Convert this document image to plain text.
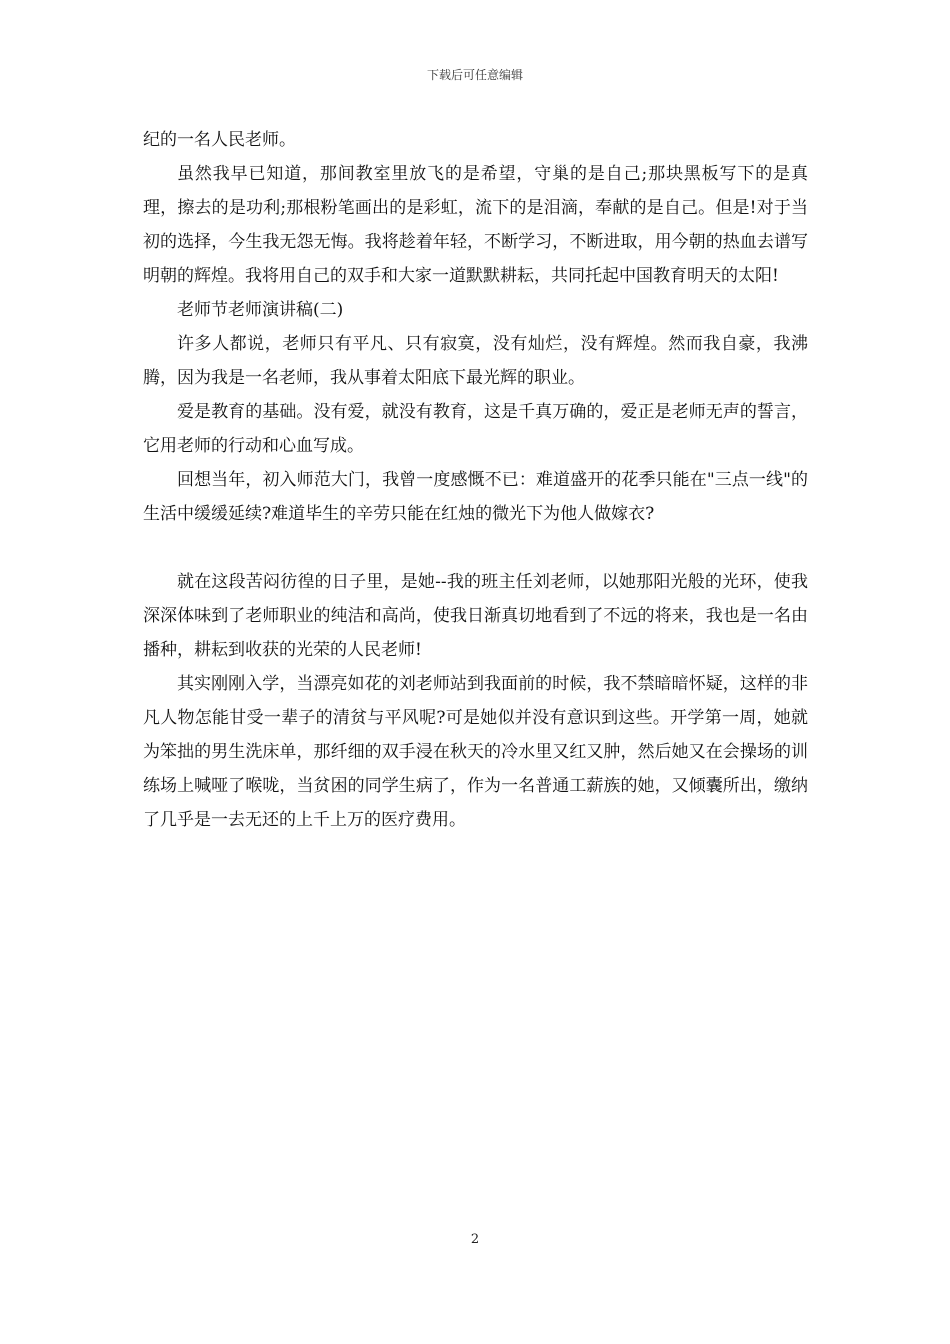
下载后可任意编辑

纪的一名人民老师。

虽然我早已知道，那间教室里放飞的是希望，守巢的是自己;那块黑板写下的是真理，擦去的是功利;那根粉笔画出的是彩虹，流下的是泪滴，奉献的是自己。但是!对于当初的选择，今生我无怨无悔。我将趁着年轻，不断学习，不断进取，用今朝的热血去谱写明朝的辉煌。我将用自己的双手和大家一道默默耕耘，共同托起中国教育明天的太阳!

老师节老师演讲稿(二)

许多人都说，老师只有平凡、只有寂寞，没有灿烂，没有辉煌。然而我自豪，我沸腾，因为我是一名老师，我从事着太阳底下最光辉的职业。

爱是教育的基础。没有爱，就没有教育，这是千真万确的，爱正是老师无声的誓言，它用老师的行动和心血写成。

回想当年，初入师范大门，我曾一度感慨不已：难道盛开的花季只能在"三点一线"的生活中缓缓延续?难道毕生的辛劳只能在红烛的微光下为他人做嫁衣?

就在这段苦闷彷徨的日子里，是她--我的班主任刘老师，以她那阳光般的光环，使我深深体味到了老师职业的纯洁和高尚，使我日渐真切地看到了不远的将来，我也是一名由播种，耕耘到收获的光荣的人民老师!

其实刚刚入学，当漂亮如花的刘老师站到我面前的时候，我不禁暗暗怀疑，这样的非凡人物怎能甘受一辈子的清贫与平风呢?可是她似并没有意识到这些。开学第一周，她就为笨拙的男生洗床单，那纤细的双手浸在秋天的冷水里又红又肿，然后她又在会操场的训练场上喊哑了喉咙，当贫困的同学生病了，作为一名普通工薪族的她，又倾囊所出，缴纳了几乎是一去无还的上千上万的医疗费用。

2
